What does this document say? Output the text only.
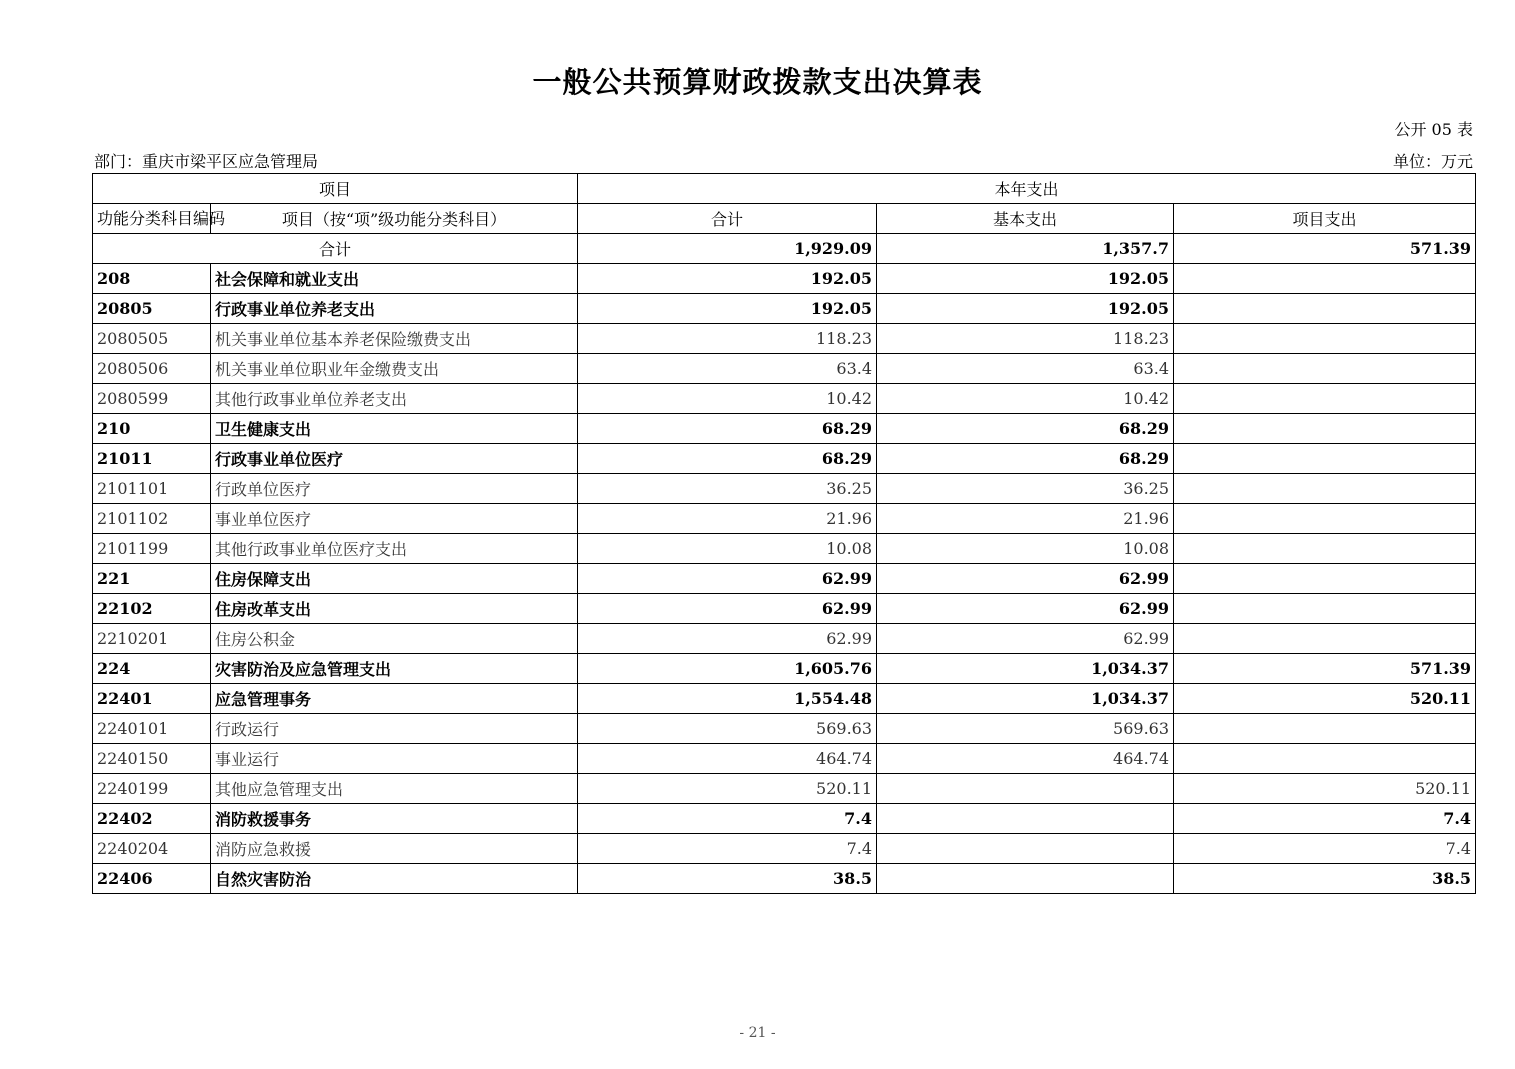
一般公共预算财政拨款支出决算表
公开 05 表
部门：重庆市梁平区应急管理局	单位：万元
项目		本年支出		
功能分类科目编码	项目（按“项”级功能分类科目）	合计	基本支出	项目支出
合计		1,929.09	1,357.7	571.39
208	社会保障和就业支出	192.05	192.05	
20805	行政事业单位养老支出	192.05	192.05	
2080505	机关事业单位基本养老保险缴费支出	118.23	118.23	
2080506	机关事业单位职业年金缴费支出	63.4	63.4	
2080599	其他行政事业单位养老支出	10.42	10.42	
210	卫生健康支出	68.29	68.29	
21011	行政事业单位医疗	68.29	68.29	
2101101	行政单位医疗	36.25	36.25	
2101102	事业单位医疗	21.96	21.96	
2101199	其他行政事业单位医疗支出	10.08	10.08	
221	住房保障支出	62.99	62.99	
22102	住房改革支出	62.99	62.99	
2210201	住房公积金	62.99	62.99	
224	灾害防治及应急管理支出	1,605.76	1,034.37	571.39
22401	应急管理事务	1,554.48	1,034.37	520.11
2240101	行政运行	569.63	569.63	
2240150	事业运行	464.74	464.74	
2240199	其他应急管理支出	520.11		520.11
22402	消防救援事务	7.4		7.4
2240204	消防应急救援	7.4		7.4
22406	自然灾害防治	38.5		38.5
- 21 -
